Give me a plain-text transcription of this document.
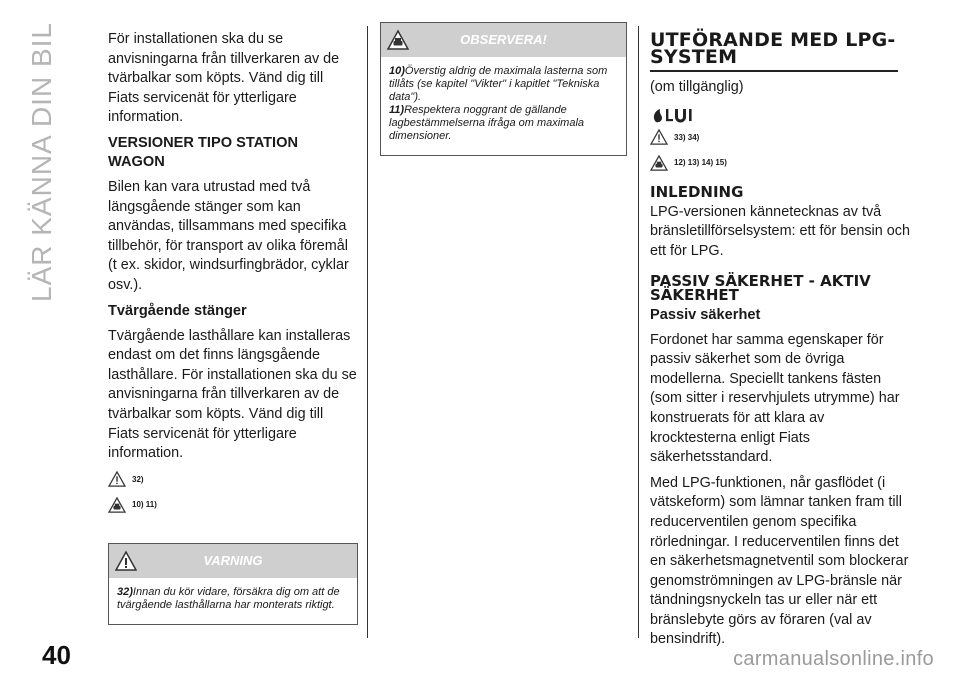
LÄR KÄNNA DIN BIL
40	carmanualsonline.info

För installationen ska du se anvisningarna från tillverkaren av de tvärbalkar som köpts. Vänd dig till Fiats servicenät för ytterligare information.

VERSIONER TIPO STATION WAGON

Bilen kan vara utrustad med två längsgående stänger som kan användas, tillsammans med specifika tillbehör, för transport av olika föremål (t ex. skidor, windsurfingbrädor, cyklar osv.).

Tvärgående stänger

Tvärgående lasthållare kan installeras endast om det finns längsgående lasthållare. För installationen ska du se anvisningarna från tillverkaren av de tvärbalkar som köpts. Vänd dig till Fiats servicenät för ytterligare information.

32)
10) 11)
VARNING

32)Innan du kör vidare, försäkra dig om att de tvärgående lasthållarna har monterats riktigt.

OBSERVERA!

10)Överstig aldrig de maximala lasterna som tillåts (se kapitel "Vikter" i kapitlet "Tekniska data").

11)Respektera noggrant de gällande lagbestämmelserna ifråga om maximala dimensioner.

UTFÖRANDE MED LPG-SYSTEM

(om tillgänglig)

33) 34)
12) 13) 14) 15)
INLEDNING

LPG-versionen kännetecknas av två bränsletillförselsystem: ett för bensin och ett för LPG.

PASSIV SÄKERHET - AKTIV SÄKERHET
Passiv säkerhet

Fordonet har samma egenskaper för passiv säkerhet som de övriga modellerna. Speciellt tankens fästen (som sitter i reservhjulets utrymme) har konstruerats för att klara av krocktesterna enligt Fiats säkerhetsstandard.

Med LPG-funktionen, når gasflödet (i vätskeform) som lämnar tanken fram till reducerventilen genom specifika rörledningar. I reducerventilen finns det en säkerhetsmagnetventil som blockerar genomströmningen av LPG-bränsle när tändningsnyckeln tas ur eller när ett bränslebyte görs av föraren (val av bensindrift).
